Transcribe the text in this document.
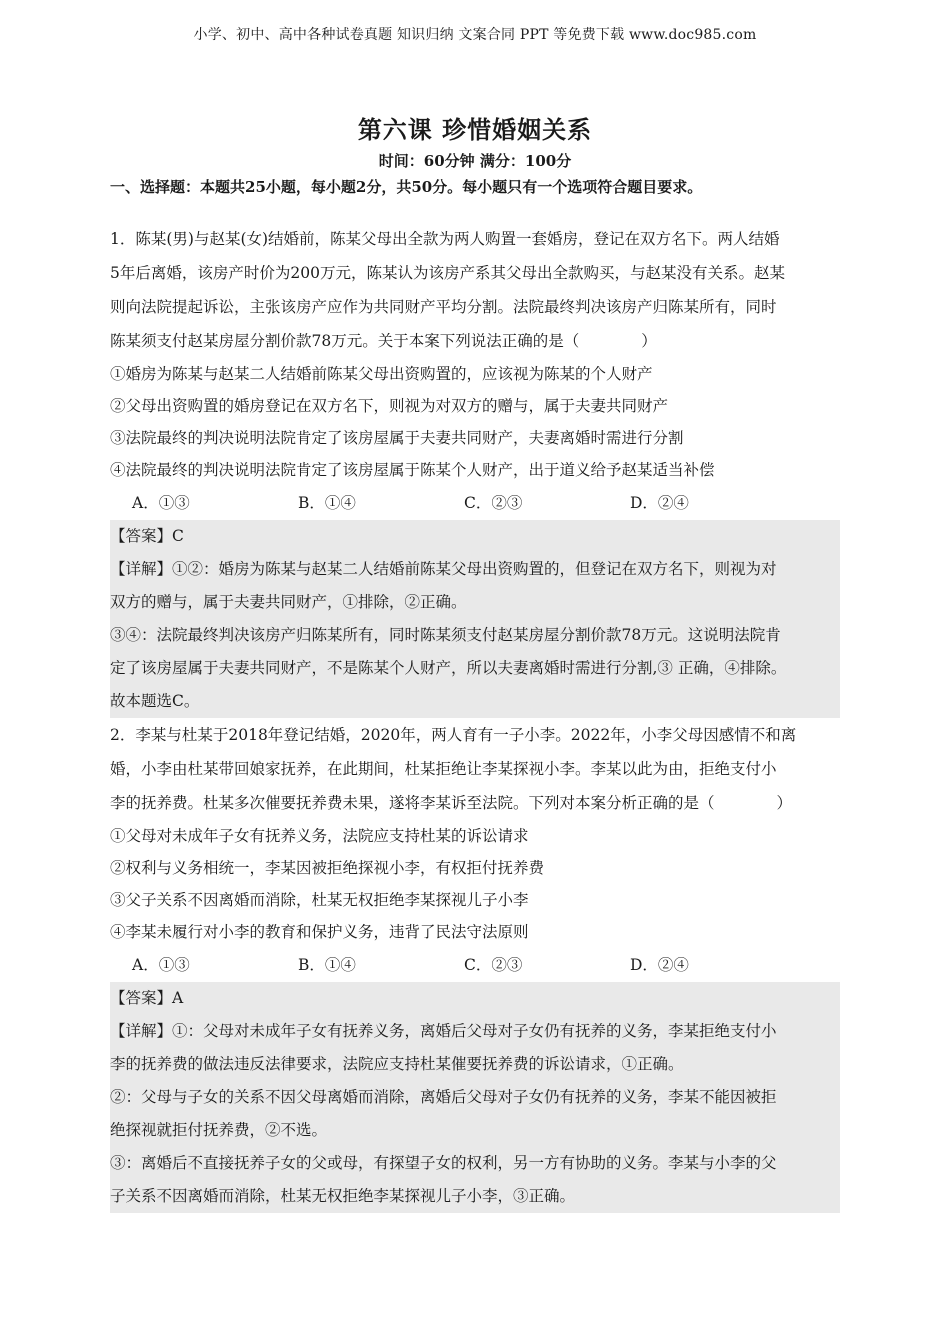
小学、初中、高中各种试卷真题 知识归纳 文案合同 PPT 等免费下载 www.doc985.com
第六课 珍惜婚姻关系
时间：60分钟 满分：100分
一、选择题：本题共25小题，每小题2分，共50分。每小题只有一个选项符合题目要求。
1．陈某(男)与赵某(女)结婚前，陈某父母出全款为两人购置一套婚房，登记在双方名下。两人结婚
5年后离婚，该房产时价为200万元，陈某认为该房产系其父母出全款购买，与赵某没有关系。赵某
则向法院提起诉讼，主张该房产应作为共同财产平均分割。法院最终判决该房产归陈某所有，同时
陈某须支付赵某房屋分割价款78万元。关于本案下列说法正确的是（　　　　）
①婚房为陈某与赵某二人结婚前陈某父母出资购置的，应该视为陈某的个人财产
②父母出资购置的婚房登记在双方名下，则视为对双方的赠与，属于夫妻共同财产
③法院最终的判决说明法院肯定了该房屋属于夫妻共同财产，夫妻离婚时需进行分割
④法院最终的判决说明法院肯定了该房屋属于陈某个人财产，出于道义给予赵某适当补偿
A．①③	B．①④	C．②③	D．②④
【答案】C
【详解】①②：婚房为陈某与赵某二人结婚前陈某父母出资购置的，但登记在双方名下，则视为对
双方的赠与，属于夫妻共同财产，①排除，②正确。
③④：法院最终判决该房产归陈某所有，同时陈某须支付赵某房屋分割价款78万元。这说明法院肯
定了该房屋属于夫妻共同财产，不是陈某个人财产，所以夫妻离婚时需进行分割,③ 正确，④排除。
故本题选C。
2．李某与杜某于2018年登记结婚，2020年，两人育有一子小李。2022年，小李父母因感情不和离
婚，小李由杜某带回娘家抚养，在此期间，杜某拒绝让李某探视小李。李某以此为由，拒绝支付小
李的抚养费。杜某多次催要抚养费未果，遂将李某诉至法院。下列对本案分析正确的是（　　　　）
①父母对未成年子女有抚养义务，法院应支持杜某的诉讼请求
②权利与义务相统一，李某因被拒绝探视小李，有权拒付抚养费
③父子关系不因离婚而消除，杜某无权拒绝李某探视儿子小李
④李某未履行对小李的教育和保护义务，违背了民法守法原则
A．①③	B．①④	C．②③	D．②④
【答案】A
【详解】①：父母对未成年子女有抚养义务，离婚后父母对子女仍有抚养的义务，李某拒绝支付小
李的抚养费的做法违反法律要求，法院应支持杜某催要抚养费的诉讼请求，①正确。
②：父母与子女的关系不因父母离婚而消除，离婚后父母对子女仍有抚养的义务，李某不能因被拒
绝探视就拒付抚养费，②不选。
③：离婚后不直接抚养子女的父或母，有探望子女的权利，另一方有协助的义务。李某与小李的父
子关系不因离婚而消除，杜某无权拒绝李某探视儿子小李，③正确。
